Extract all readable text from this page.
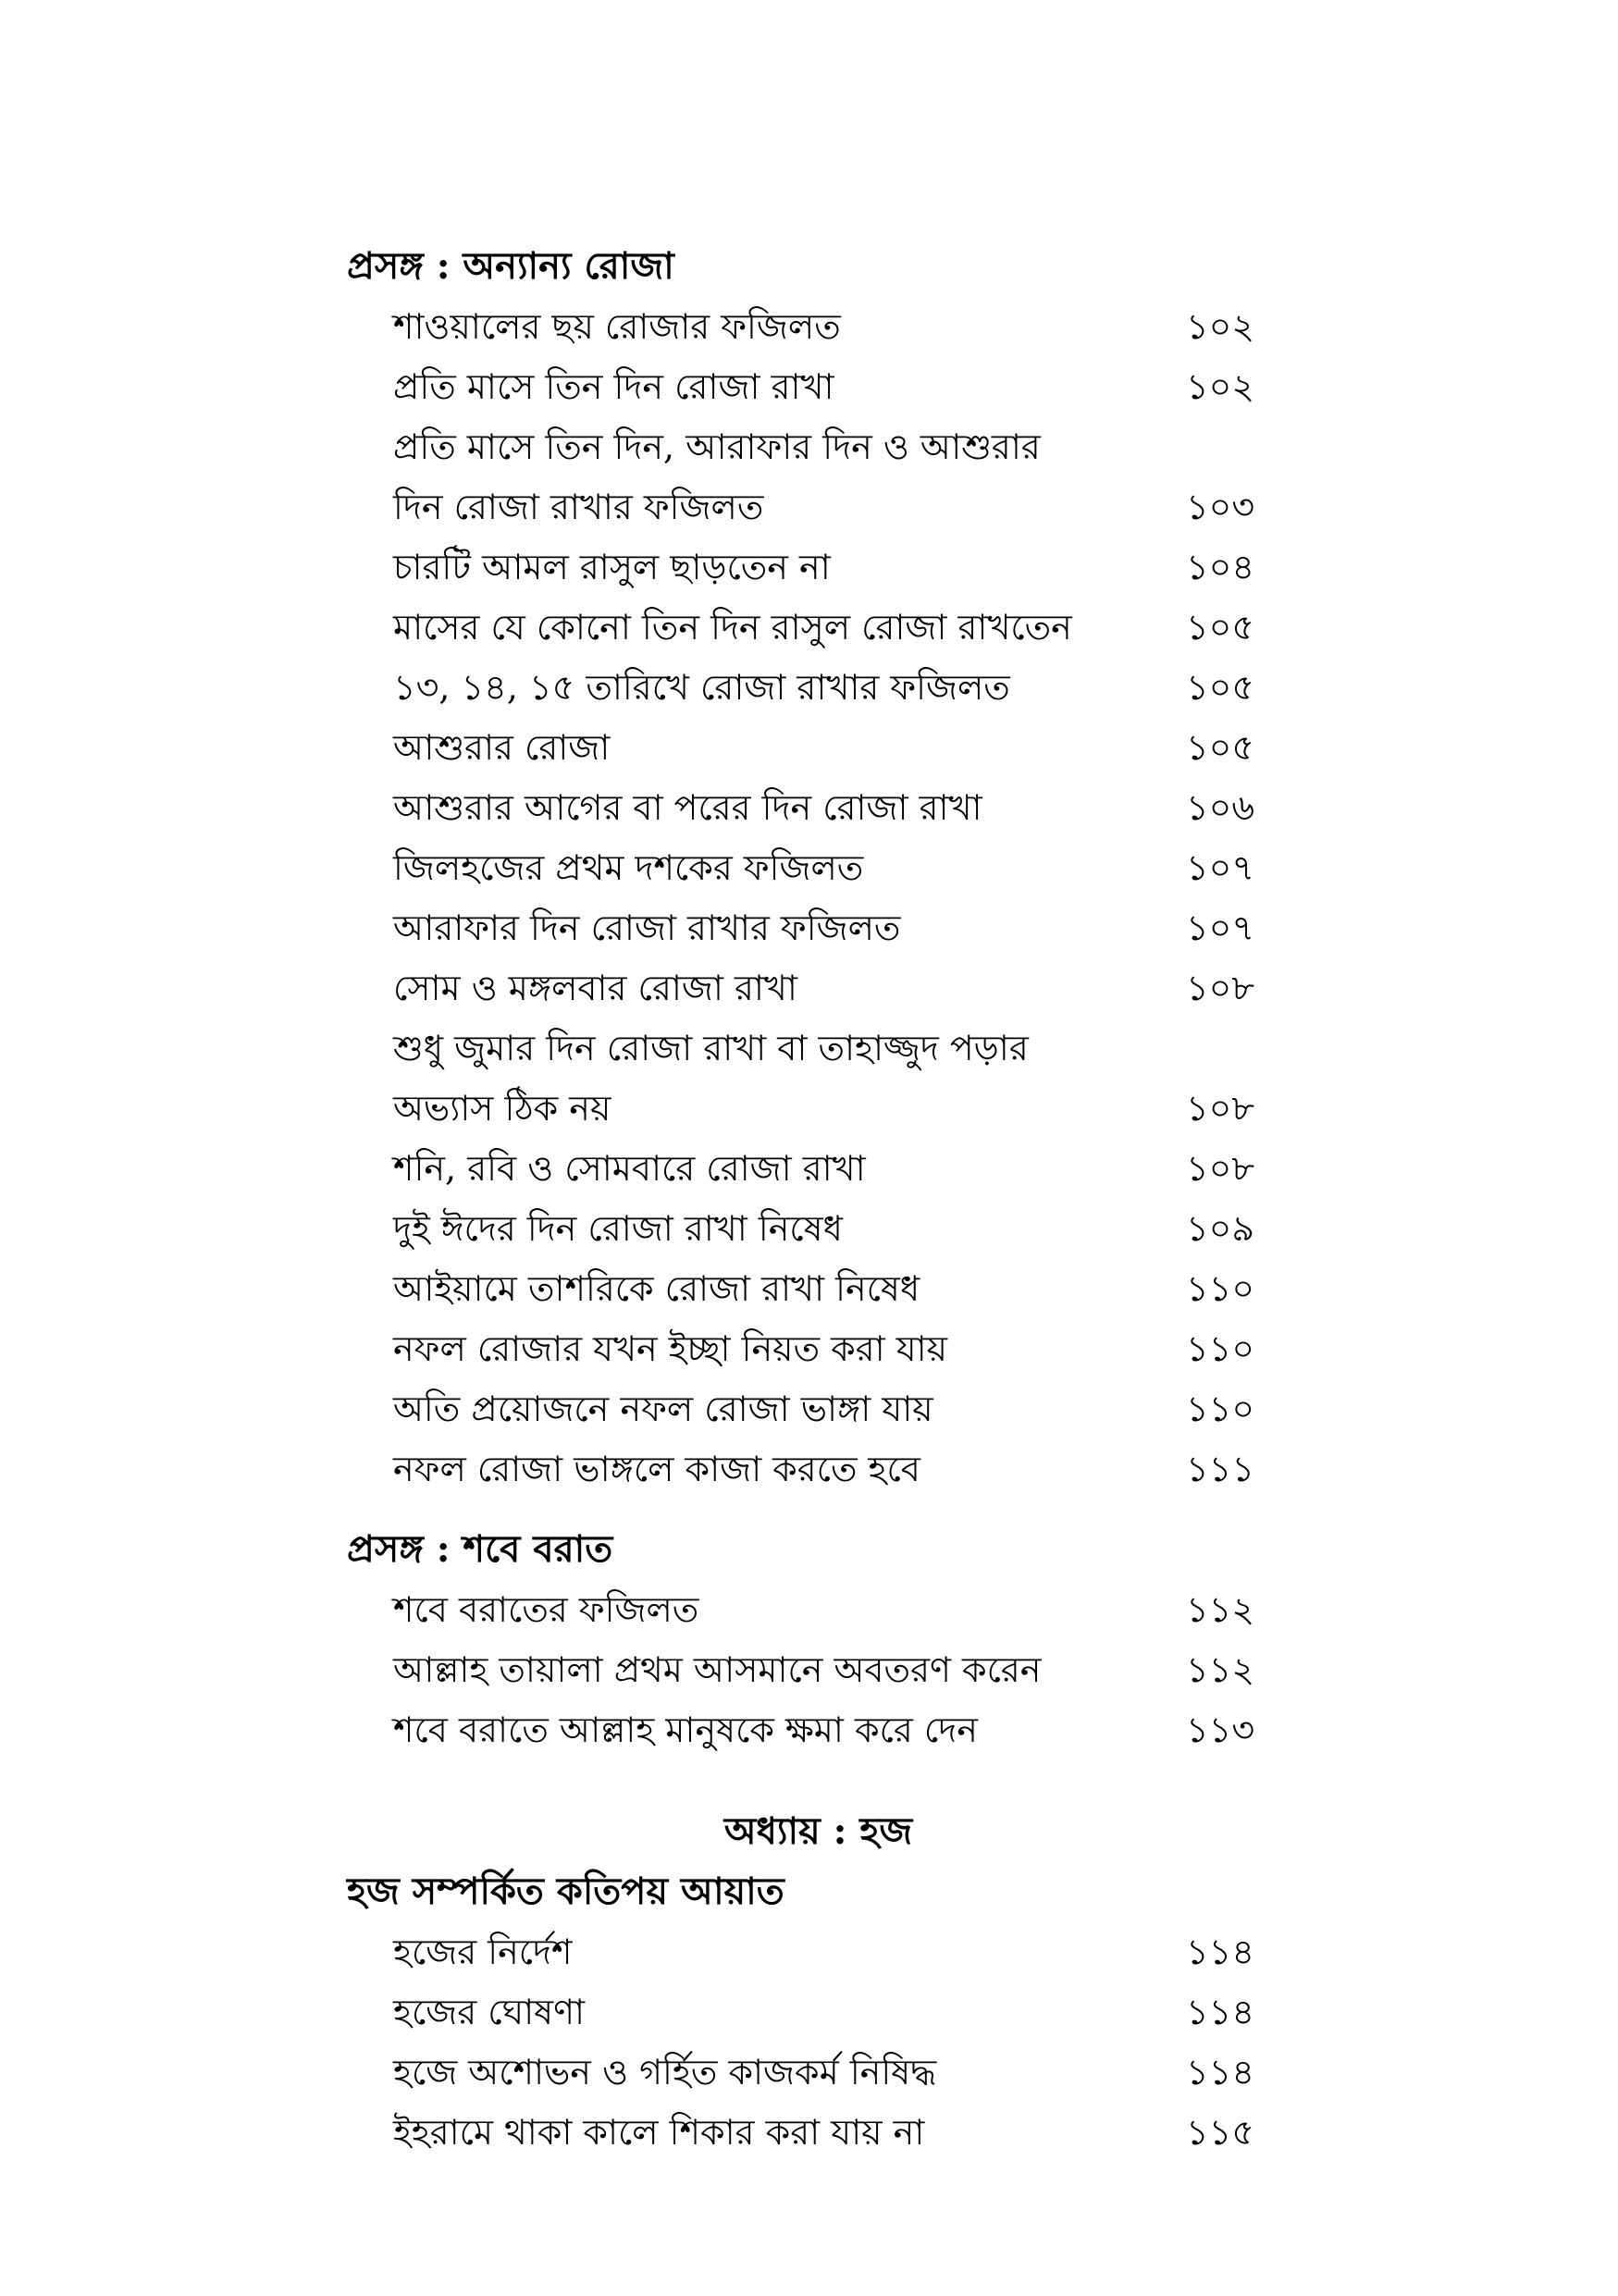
প্রসঙ্গ : অন্যান্য রোজা
শাওয়ালের ছয় রোজার ফজিলত	১০২
প্রতি মাসে তিন দিন রোজা রাখা	১০২
প্রতি মাসে তিন দিন, আরাফার দিন ও আশুরার
দিন রোজা রাখার ফজিলত	১০৩
চারটি আমল রাসুল ছাড়তেন না	১০৪
মাসের যে কোনো তিন দিন রাসুল রোজা রাখতেন	১০৫
১৩, ১৪, ১৫ তারিখে রোজা রাখার ফজিলত	১০৫
আশুরার রোজা	১০৫
আশুরার আগের বা পরের দিন রোজা রাখা	১০৬
জিলহজের প্রথম দশকের ফজিলত	১০৭
আরাফার দিন রোজা রাখার ফজিলত	১০৭
সোম ও মঙ্গলবার রোজা রাখা	১০৮
শুধু জুমার দিন রোজা রাখা বা তাহাজ্জুদ পড়ার
অভ্যাস ঠিক নয়	১০৮
শনি, রবি ও সোমবারে রোজা রাখা	১০৮
দুই ঈদের দিন রোজা রাখা নিষেধ	১০৯
আইয়ামে তাশরিকে রোজা রাখা নিষেধ	১১০
নফল রোজার যখন ইচ্ছা নিয়ত করা যায়	১১০
অতি প্রয়োজনে নফল রোজা ভাঙ্গা যায়	১১০
নফল রোজা ভাঙ্গলে কাজা করতে হবে	১১১
প্রসঙ্গ : শবে বরাত
শবে বরাতের ফজিলত	১১২
আল্লাহ তায়ালা প্রথম আসমানে অবতরণ করেন	১১২
শবে বরাতে আল্লাহ মানুষকে ক্ষমা করে দেন	১১৩
অধ্যায় : হজ
হজ সম্পর্কিত কতিপয় আয়াত
হজের নির্দেশ	১১৪
হজের ঘোষণা	১১৪
হজে অশোভন ও গর্হিত কাজকর্ম নিষিদ্ধ	১১৪
ইহরামে থাকা কালে শিকার করা যায় না	১১৫
